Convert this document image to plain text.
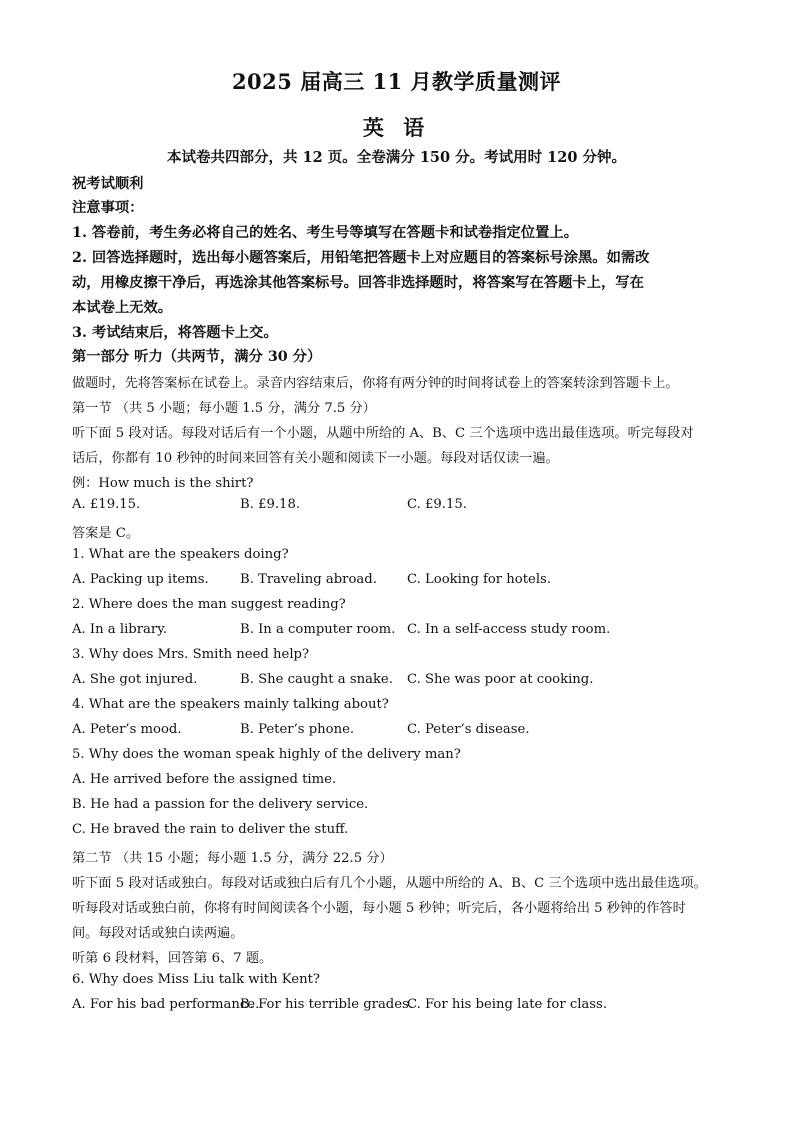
2025 届高三 11 月教学质量测评
英 语
本试卷共四部分，共 12 页。全卷满分 150 分。考试用时 120 分钟。
祝考试顺利
注意事项：
1. 答卷前，考生务必将自己的姓名、考生号等填写在答题卡和试卷指定位置上。
2. 回答选择题时，选出每小题答案后，用铅笔把答题卡上对应题目的答案标号涂黑。如需改
动，用橡皮擦干净后，再选涂其他答案标号。回答非选择题时，将答案写在答题卡上，写在
本试卷上无效。
3. 考试结束后，将答题卡上交。
第一部分 听力（共两节，满分 30 分）
做题时，先将答案标在试卷上。录音内容结束后，你将有两分钟的时间将试卷上的答案转涂到答题卡上。
第一节 （共 5 小题；每小题 1.5 分，满分 7.5 分）
听下面 5 段对话。每段对话后有一个小题，从题中所给的 A、B、C 三个选项中选出最佳选项。听完每段对
话后，你都有 10 秒钟的时间来回答有关小题和阅读下一小题。每段对话仅读一遍。
例：How much is the shirt?
A. £19.15.	B. £9.18.	C. £9.15.
答案是 C。
1. What are the speakers doing?
A. Packing up items. B. Traveling abroad. C. Looking for hotels.
2. Where does the man suggest reading?
A. In a library.	B. In a computer room. C. In a self-access study room.
3. Why does Mrs. Smith need help?
A. She got injured.	B. She caught a snake. C. She was poor at cooking.
4. What are the speakers mainly talking about?
A. Peter’s mood.	B. Peter’s phone.	C. Peter’s disease.
5. Why does the woman speak highly of the delivery man?
A. He arrived before the assigned time.
B. He had a passion for the delivery service.
C. He braved the rain to deliver the stuff.
第二节 （共 15 小题；每小题 1.5 分，满分 22.5 分）
听下面 5 段对话或独白。每段对话或独白后有几个小题，从题中所给的 A、B、C 三个选项中选出最佳选项。
听每段对话或独白前，你将有时间阅读各个小题，每小题 5 秒钟；听完后，各小题将给出 5 秒钟的作答时
间。每段对话或独白读两遍。
听第 6 段材料，回答第 6、7 题。
6. Why does Miss Liu talk with Kent?
A. For his bad performance.
B. For his terrible grades.
C. For his being late for class.
